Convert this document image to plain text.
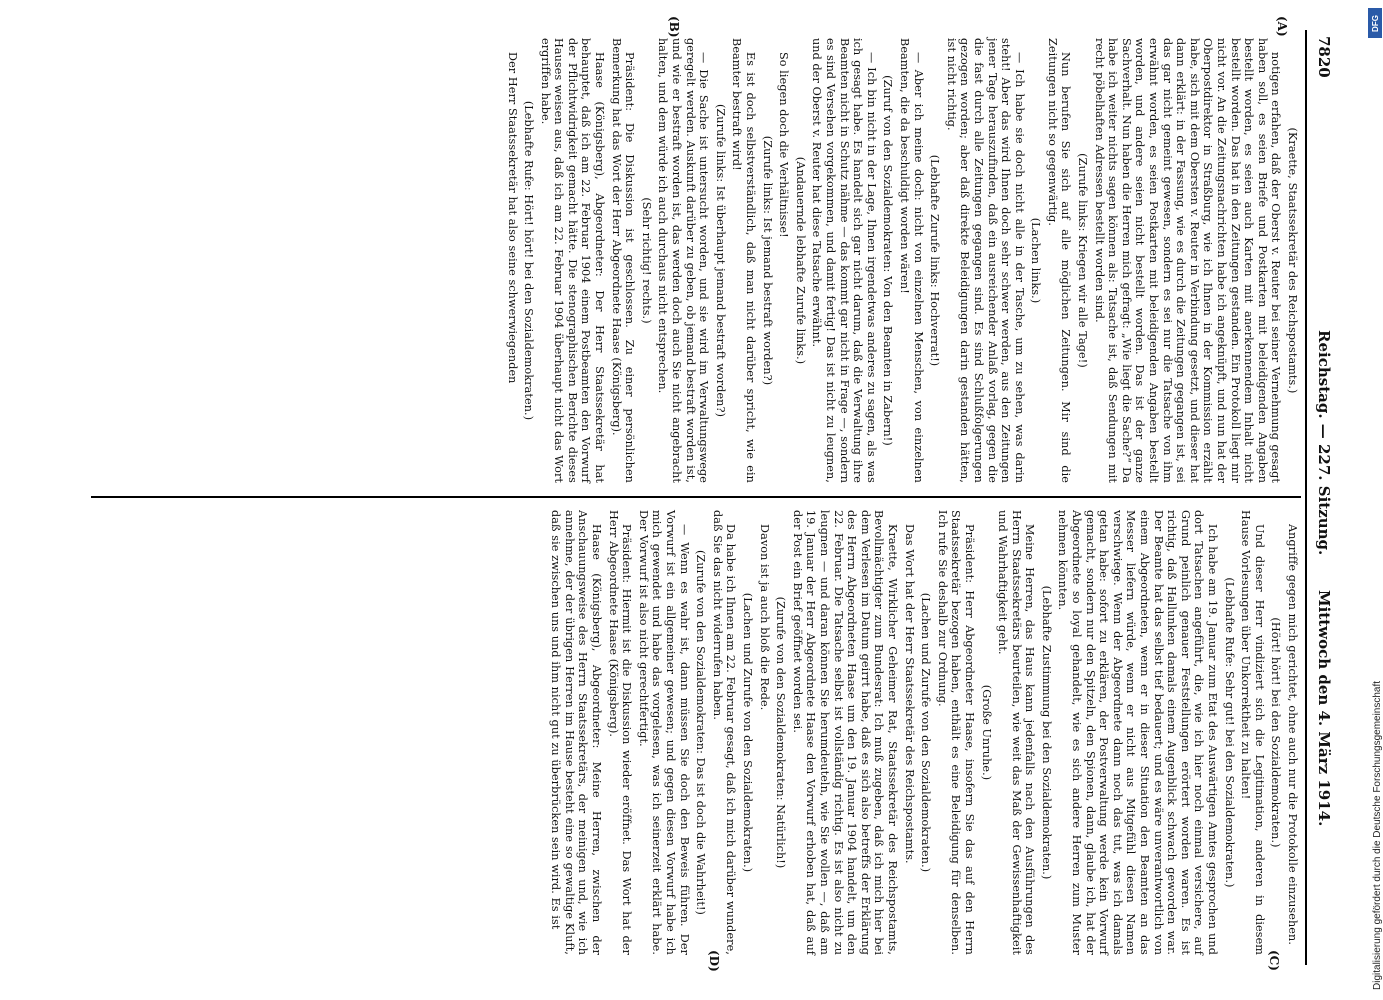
7820
Reichstag. — 227. Sitzung.
Mittwoch den 4. März 1914.
(A)
(B)
(C)
(D)

(Kraette, Staatssekretär des Reichspostamts.)

notigen erfahen, daß der Oberst v. Reuter bei seiner Vernehmung gesagt haben soll, es seien Briefe und Postkarten mit beleidigenden Angaben bestellt worden, es seien auch Karten mit anerkennendem Inhalt nicht bestellt worden. Das hat in den Zeitungen gestanden. Ein Protokoll liegt mir nicht vor. An die Zeitungsnachrichten habe ich angeknüpft, und nun hat der Oberpostdirektor in Straßburg, wie ich Ihnen in der Kommission erzählt habe, sich mit dem Obersten v. Reuter in Verbindung gesetzt, und dieser hat dann erklärt: in der Fassung, wie es durch die Zeitungen gegangen ist, sei das gar nicht gemeint gewesen, sondern es sei nur die Tatsache von ihm erwähnt worden, es seien Postkarten mit beleidigenden Angaben bestellt worden, und andere seien nicht bestellt worden. Das ist der ganze Sachverhalt. Nun haben die Herren mich gefragt: „Wie liegt die Sache?“ Da habe ich weiter nichts sagen können als: Tatsache ist, daß Sendungen mit recht pöbelhaften Adressen bestellt worden sind.

(Zurufe links: Kriegen wir alle Tage!)

Nun berufen Sie sich auf alle möglichen Zeitungen. Mir sind die Zeitungen nicht so gegenwärtig.

(Lachen links.)

— Ich habe sie doch nicht alle in der Tasche, um zu sehen, was darin steht! Aber das wird Ihnen doch sehr schwer werden, aus den Zeitungen jener Tage herauszufinden, daß ein ausreichender Anlaß vorlag, gegen die die fast durch alle Zeitungen gegangen sind. Es sind Schlußfolgerungen gezogen worden; aber daß direkte Beleidigungen darin gestanden hätten, ist nicht richtig.

(Lebhafte Zurufe links: Hochverrat!)

— Aber ich meine doch: nicht von einzelnen Menschen, von einzelnen Beamten, die da beschuldigt worden wären!

(Zuruf von den Sozialdemokraten: Von den Beamten in Zabern!)

— Ich bin nicht in der Lage, Ihnen irgendetwas anderes zu sagen, als was ich gesagt habe. Es handelt sich gar nicht darum, daß die Verwaltung ihre Beamten nicht in Schutz nähme — das kommt gar nicht in Frage —, sondern es sind Versehen vorgekommen, und damit fertig! Das ist nicht zu leugnen, und der Oberst v. Reuter hat diese Tatsache erwähnt.

(Andauernde lebhafte Zurufe links.)

So liegen doch die Verhältnisse!

(Zurufe links: Ist jemand bestraft worden?)

Es ist doch selbstverständlich, daß man nicht darüber spricht, wie ein Beamter bestraft wird!

(Zurufe links: Ist überhaupt jemand bestraft worden?)

— Die Sache ist untersucht worden, und sie wird im Verwaltungswege geregelt werden. Auskunft darüber zu geben, ob jemand bestraft worden ist, und wie er bestraft worden ist, das werden doch auch Sie nicht angebracht halten, und dem würde ich auch durchaus nicht entsprechen.

(Sehr richtig! rechts.)

Präsident: Die Diskussion ist geschlossen. Zu einer persönlichen Bemerkung hat das Wort der Herr Abgeordnete Haase (Königsberg).

Haase (Königsberg), Abgeordneter: Der Herr Staatssekretär hat behauptet, daß ich am 22. Februar 1904 einem Postbeamten den Vorwurf der Pflichtwidrigkeit gemacht hätte. Die stenographischen Berichte dieses Hauses weisen aus, daß ich am 22. Februar 1904 überhaupt nicht das Wort ergriffen habe.

(Lebhafte Rufe: Hört! hört! bei den Sozialdemokraten.)

Der Herr Staatssekretär hat also seine schwerwiegenden

Angriffe gegen mich gerichtet, ohne auch nur die Protokolle einzusehen.

(Hört! hört! bei den Sozialdemokraten.)

Und dieser Herr vindiziert sich die Legitimation, anderen in diesem Hause Vorlesungen über Unkorrektheit zu halten!

(Lebhafte Rufe: Sehr gut! bei den Sozialdemokraten.)

Ich habe am 19. Januar zum Etat des Auswärtigen Amtes gesprochen und dort Tatsachen angeführt, die, wie ich hier noch einmal versichere, auf Grund peinlich genauer Feststellungen erörtert worden waren. Es ist richtig, daß Hallunken damals einem Augenblick schwach geworden war. Der Beamte hat das selbst tief bedauert; und es wäre unverantwortlich von einem Abgeordneten, wenn er in dieser Situation den Beamten an das Messer liefern würde, wenn er nicht aus Mitgefühl diesen Namen verschwiege. Wenn der Abgeordnete dann noch das tut, was ich damals getan habe: sofort zu erklären, der Postverwaltung werde kein Vorwurf gemacht, sondern nur den Spitzeln, den Spionen, dann, glaube ich, hat der Abgeordnete so loyal gehandelt, wie es sich andere Herren zum Muster nehmen könnten.

(Lebhafte Zustimmung bei den Sozialdemokraten.)

Meine Herren, das Haus kann jedenfalls nach den Ausführungen des Herrn Staatssekretärs beurteilen, wie weit das Maß der Gewissenhaftigkeit und Wahrhaftigkeit geht.

(Große Unruhe.)

Präsident: Herr Abgeordneter Haase, insofern Sie das auf den Herrn Staatssekretär bezogen haben, enthält es eine Beleidigung für denselben. Ich rufe Sie deshalb zur Ordnung.

(Lachen und Zurufe von den Sozialdemokraten.)

Das Wort hat der Herr Staatssekretär des Reichspostamts.

Kraette, Wirklicher Geheimer Rat, Staatssekretär des Reichspostamts, Bevollmächtigter zum Bundesrat: Ich muß zugeben, daß ich mich hier bei dem Verlesen im Datum geirrt habe, daß es sich also betreffs der Erklärung des Herrn Abgeordneten Haase um den 19. Januar 1904 handelt, um den 22. Februar. Die Tatsache selbst ist vollständig richtig. Es ist also nicht zu leugnen — und daran können Sie herumdeuteln, wie Sie wollen —, daß am 19. Januar der Herr Abgeordnete Haase den Vorwurf erhoben hat, daß auf der Post ein Brief geöffnet worden sei.

(Zurufe von den Sozialdemokraten: Natürlich!)

Davon ist ja auch bloß die Rede.

(Lachen und Zurufe von den Sozialdemokraten.)

Da habe ich Ihnen am 22. Februar gesagt, daß ich mich darüber wundere, daß Sie das nicht widerrufen haben.

(Zurufe von den Sozialdemokraten: Das ist doch die Wahrheit!)

— Wenn es wahr ist, dann müssen Sie doch den Beweis führen. Der Vorwurf ist ein allgemeiner gewesen; und gegen diesen Vorwurf habe ich mich gewendet und habe das vorgelesen, was ich seinerzeit erklärt habe. Der Vorwurf ist also nicht gerechtfertigt.

Präsident: Hiermit ist die Diskussion wieder eröffnet. Das Wort hat der Herr Abgeordnete Haase (Königsberg).

Haase (Königsberg), Abgeordneter: Meine Herren, zwischen der Anschauungsweise des Herrn Staatssekretärs, der meinigen und, wie ich annehme, der der übrigen Herren im Hause besteht eine so gewaltige Kluft, daß sie zwischen uns und ihm nicht gut zu überbrücken sein wird. Es ist

DFG
Digitalisierung gefördert durch die Deutsche Forschungsgemeinschaft
